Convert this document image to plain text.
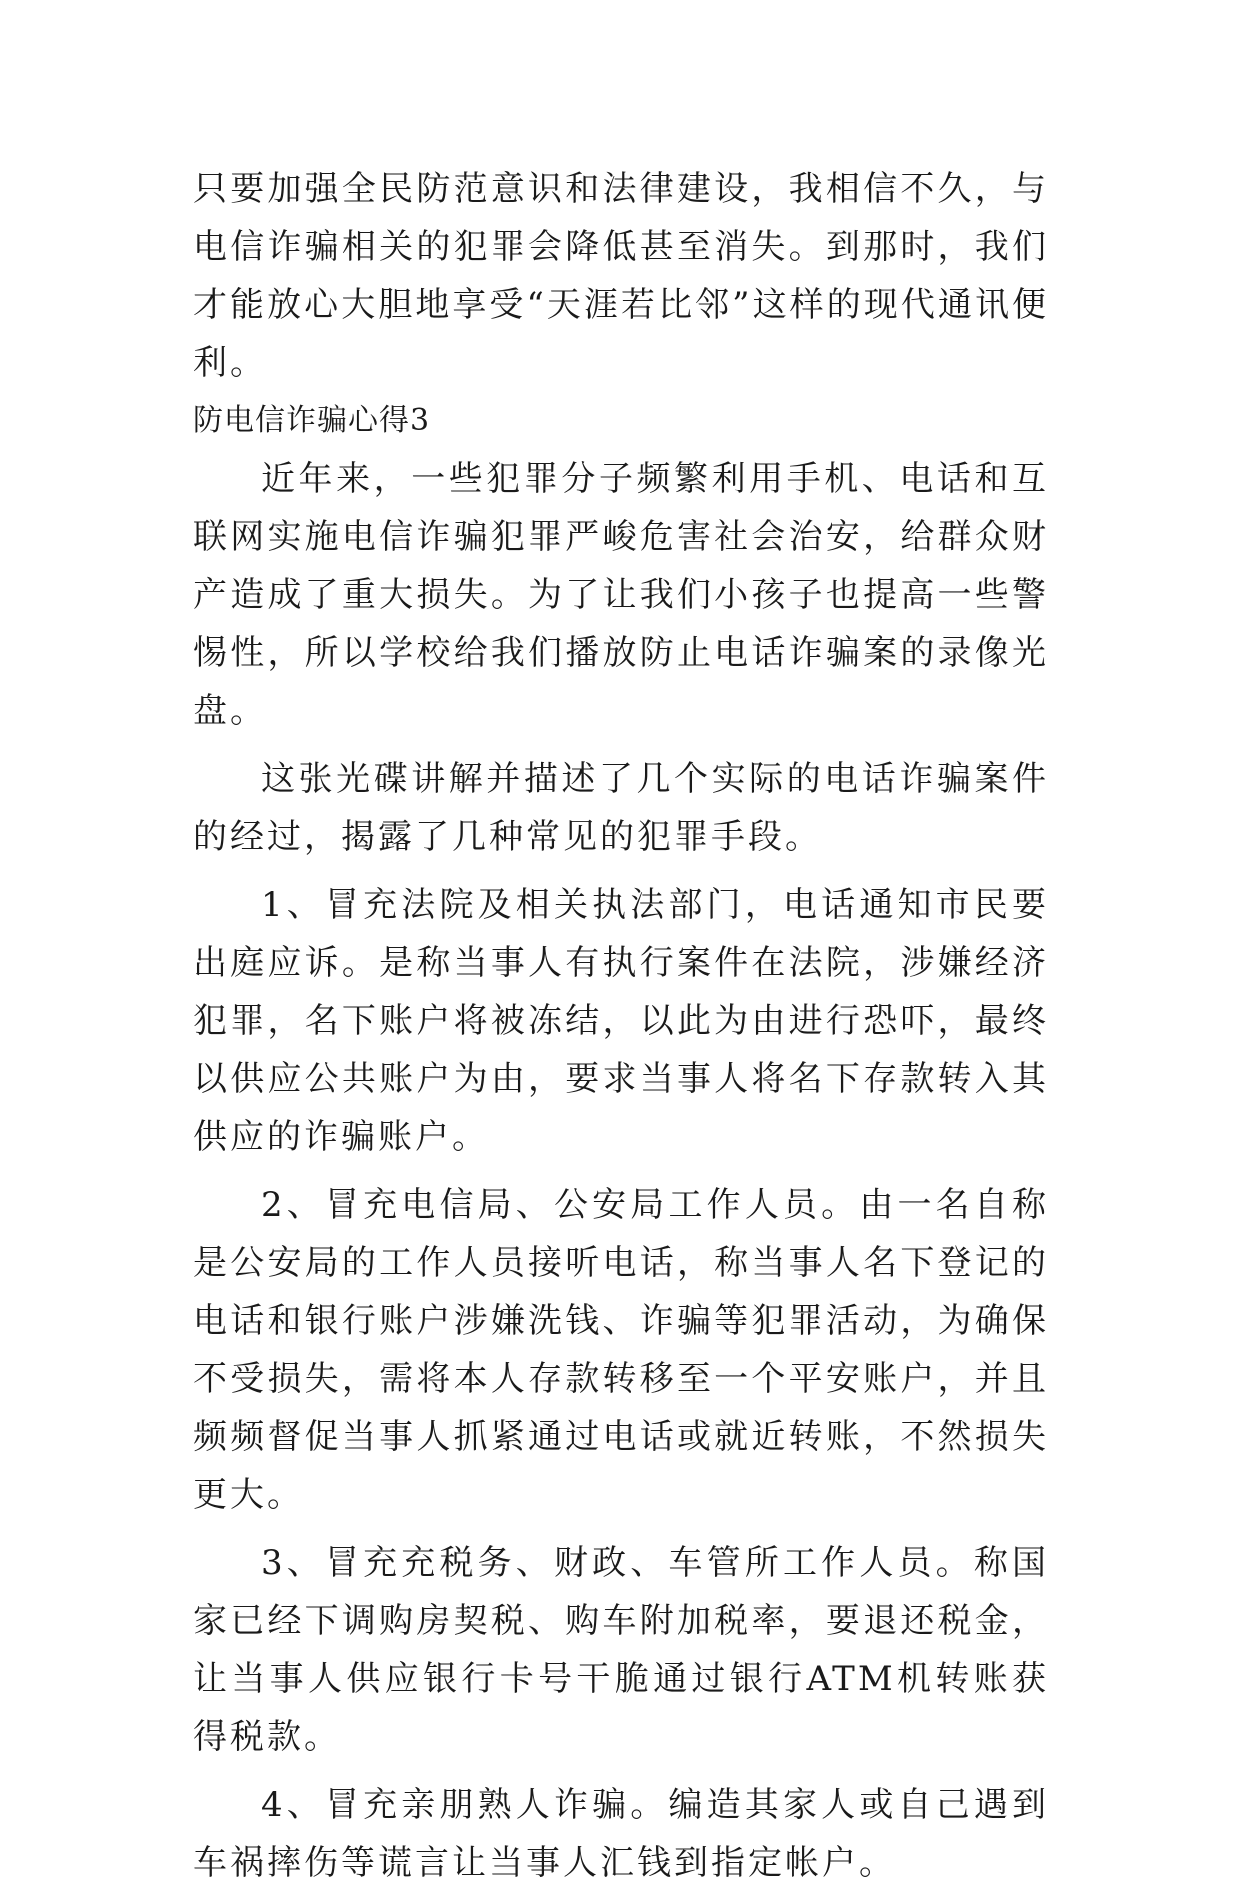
只要加强全民防范意识和法律建设，我相信不久，与电信诈骗相关的犯罪会降低甚至消失。到那时，我们才能放心大胆地享受“天涯若比邻”这样的现代通讯便利。

防电信诈骗心得3

近年来，一些犯罪分子频繁利用手机、电话和互联网实施电信诈骗犯罪严峻危害社会治安，给群众财产造成了重大损失。为了让我们小孩子也提高一些警惕性，所以学校给我们播放防止电话诈骗案的录像光盘。

这张光碟讲解并描述了几个实际的电话诈骗案件的经过，揭露了几种常见的犯罪手段。

1、冒充法院及相关执法部门，电话通知市民要出庭应诉。是称当事人有执行案件在法院，涉嫌经济犯罪，名下账户将被冻结，以此为由进行恐吓，最终以供应公共账户为由，要求当事人将名下存款转入其供应的诈骗账户。

2、冒充电信局、公安局工作人员。由一名自称是公安局的工作人员接听电话，称当事人名下登记的电话和银行账户涉嫌洗钱、诈骗等犯罪活动，为确保不受损失，需将本人存款转移至一个平安账户，并且频频督促当事人抓紧通过电话或就近转账，不然损失更大。

3、冒充充税务、财政、车管所工作人员。称国家已经下调购房契税、购车附加税率，要退还税金，让当事人供应银行卡号干脆通过银行ATM机转账获得税款。

4、冒充亲朋熟人诈骗。编造其家人或自己遇到车祸摔伤等谎言让当事人汇钱到指定帐户。
